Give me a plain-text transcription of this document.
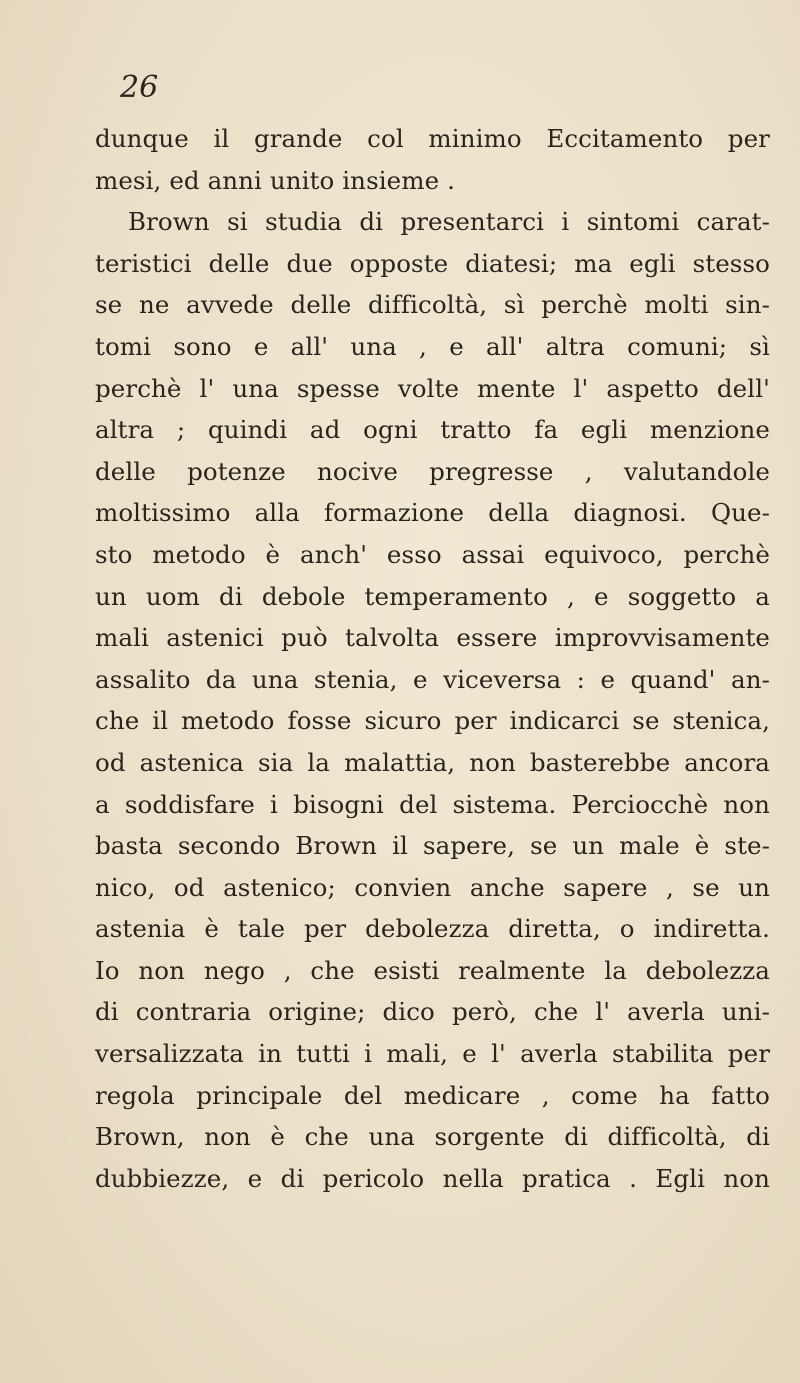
26

dunque il grande col minimo Eccitamento per

mesi, ed anni unito insieme .

Brown si studia di presentarci i sintomi carat-

teristici delle due opposte diatesi; ma egli stesso

se ne avvede delle difficoltà, sì perchè molti sin-

tomi sono e all' una , e all' altra comuni; sì

perchè l' una spesse volte mente l' aspetto dell'

altra ; quindi ad ogni tratto fa egli menzione

delle potenze nocive pregresse , valutandole

moltissimo alla formazione della diagnosi. Que-

sto metodo è anch' esso assai equivoco, perchè

un uom di debole temperamento , e soggetto a

mali astenici può talvolta essere improvvisamente

assalito da una stenia, e viceversa : e quand' an-

che il metodo fosse sicuro per indicarci se stenica,

od astenica sia la malattia, non basterebbe ancora

a soddisfare i bisogni del sistema. Perciocchè non

basta secondo Brown il sapere, se un male è ste-

nico, od astenico; convien anche sapere , se un

astenia è tale per debolezza diretta, o indiretta.

Io non nego , che esisti realmente la debolezza

di contraria origine; dico però, che l' averla uni-

versalizzata in tutti i mali, e l' averla stabilita per

regola principale del medicare , come ha fatto

Brown, non è che una sorgente di difficoltà, di

dubbiezze, e di pericolo nella pratica . Egli non
